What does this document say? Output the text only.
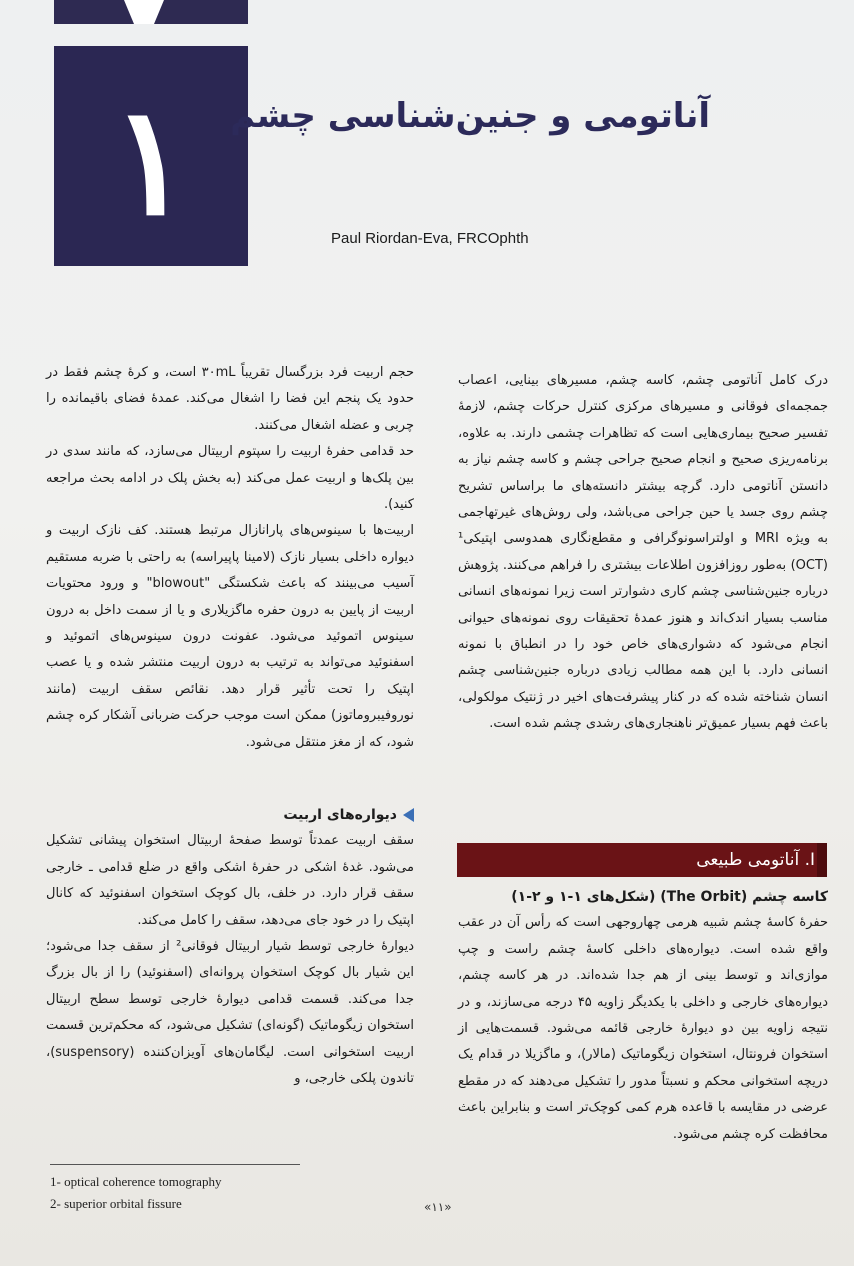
۱	آناتومی و جنین‌شناسی چشم
Paul Riordan-Eva, FRCOphth

درک کامل آناتومی چشم، کاسه چشم، مسیرهای بینایی، اعصاب جمجمه‌ای فوقانی و مسیرهای مرکزی کنترل حرکات چشم، لازمهٔ تفسیر صحیح بیماری‌هایی است که تظاهرات چشمی دارند. به علاوه، برنامه‌ریزی صحیح و انجام صحیح جراحی چشم و کاسه چشم نیاز به دانستن آناتومی دارد. گرچه بیشتر دانسته‌های ما براساس تشریح چشم روی جسد یا حین جراحی می‌باشد، ولی روش‌های غیرتهاجمی به ویژه MRI و اولتراسونوگرافی و مقطع‌نگاری همدوسی اپتیکی¹ (OCT) به‌طور روزافزون اطلاعات بیشتری را فراهم می‌کنند. پژوهش درباره جنین‌شناسی چشم کاری دشوارتر است زیرا نمونه‌های انسانی مناسب بسیار اندک‌اند و هنوز عمدهٔ تحقیقات روی نمونه‌های حیوانی انجام می‌شود که دشواری‌های خاص خود را در انطباق با نمونه انسانی دارد. با این همه مطالب زیادی درباره جنین‌شناسی چشم انسان شناخته شده که در کنار پیشرفت‌های اخیر در ژنتیک مولکولی، باعث فهم بسیار عمیق‌تر ناهنجاری‌های رشدی چشم شده است.

حجم اربیت فرد بزرگسال تقریباً ۳۰mL است، و کرهٔ چشم فقط در حدود یک پنجم این فضا را اشغال می‌کند. عمدهٔ فضای باقیمانده را چربی و عضله اشغال می‌کنند.

حد قدامی حفرهٔ اربیت را سپتوم اربیتال می‌سازد، که مانند سدی در بین پلک‌ها و اربیت عمل می‌کند (به بخش پلک در ادامه بحث مراجعه کنید).

اربیت‌ها با سینوس‌های پارانازال مرتبط هستند. کف نازک اربیت و دیواره داخلی بسیار نازک (لامینا پاپیراسه) به راحتی با ضربه مستقیم آسیب می‌بینند که باعث شکستگی "blowout" و ورود محتویات اربیت از پایین به درون حفره ماگزیلاری و یا از سمت داخل به درون سینوس اتموئید می‌شود. عفونت درون سینوس‌های اتموئید و اسفنوئید می‌تواند به ترتیب به درون اربیت منتشر شده و یا عصب اپتیک را تحت تأثیر قرار دهد. نقائص سقف اربیت (مانند نوروفیبروماتوز) ممکن است موجب حرکت ضربانی آشکار کره چشم شود، که از مغز منتقل می‌شود.

دیواره‌های اربیت

سقف اربیت عمدتاً توسط صفحهٔ اربیتال استخوان پیشانی تشکیل می‌شود. غدهٔ اشکی در حفرهٔ اشکی واقع در ضلع قدامی ـ خارجی سقف قرار دارد. در خلف، بال کوچک استخوان اسفنوئید که کانال اپتیک را در خود جای می‌دهد، سقف را کامل می‌کند.

دیوارهٔ خارجی توسط شیار اربیتال فوقانی² از سقف جدا می‌شود؛ این شیار بال کوچک استخوان پروانه‌ای (اسفنوئید) را از بال بزرگ جدا می‌کند. قسمت قدامی دیوارهٔ خارجی توسط سطح اربیتال استخوان زیگوماتیک (گونه‌ای) تشکیل می‌شود، که محکم‌ترین قسمت اربیت استخوانی است. لیگامان‌های آویزان‌کننده (suspensory)، تاندون پلکی خارجی، و

I. آناتومی طبیعی
کاسه چشم (The Orbit) (شکل‌های ۱-۱ و ۲-۱)

حفرهٔ کاسهٔ چشم شبیه هرمی چهاروجهی است که رأس آن در عقب واقع شده است. دیواره‌های داخلی کاسهٔ چشم راست و چپ موازی‌اند و توسط بینی از هم جدا شده‌اند. در هر کاسه چشم، دیواره‌های خارجی و داخلی با یکدیگر زاویه ۴۵ درجه می‌سازند، و در نتیجه زاویه بین دو دیوارهٔ خارجی قائمه می‌شود. قسمت‌هایی از استخوان فرونتال، استخوان زیگوماتیک (مالار)، و ماگزیلا در قدام یک دریچه استخوانی محکم و نسبتاً مدور را تشکیل می‌دهند که در مقطع عرضی در مقایسه با قاعده هرم کمی کوچک‌تر است و بنابراین باعث محافظت کره چشم می‌شود.

1- optical coherence tomography
2- superior orbital fissure	«۱۱»
